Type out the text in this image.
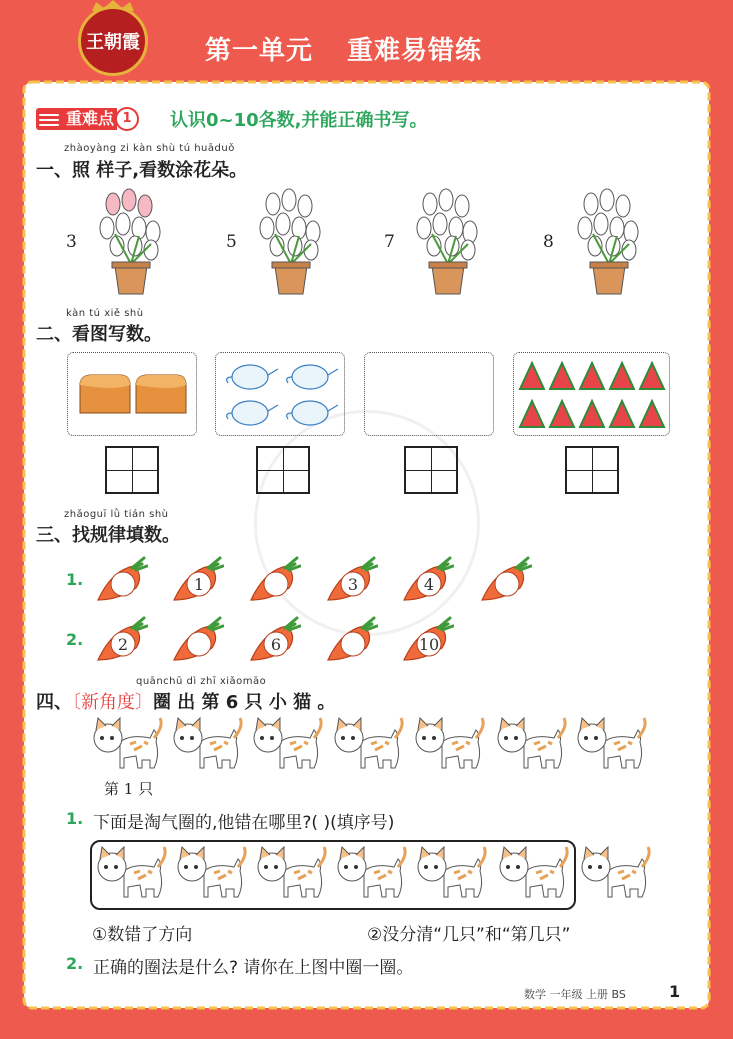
王朝霞	第一单元 重难易错练
重难点 1	认识0~10各数,并能正确书写。
zhàoyàng zi kàn shù tú huāduǒ
一、照 样子,看数涂花朵。
3	5	7	8
kàn tú xiě shù
二、看图写数。
zhǎoguī lǜ tián shù
三、找规律填数。
1.
2.
1	3	4
2	6	10
quānchū dì zhī xiǎomāo
四、〔新角度〕圈 出 第 6 只 小 猫 。
第 1 只
1. 下面是淘气圈的,他错在哪里?( )(填序号)
①数错了方向	②没分清“几只”和“第几只”
2. 正确的圈法是什么? 请你在上图中圈一圈。
数学 一年级 上册 BS	1
